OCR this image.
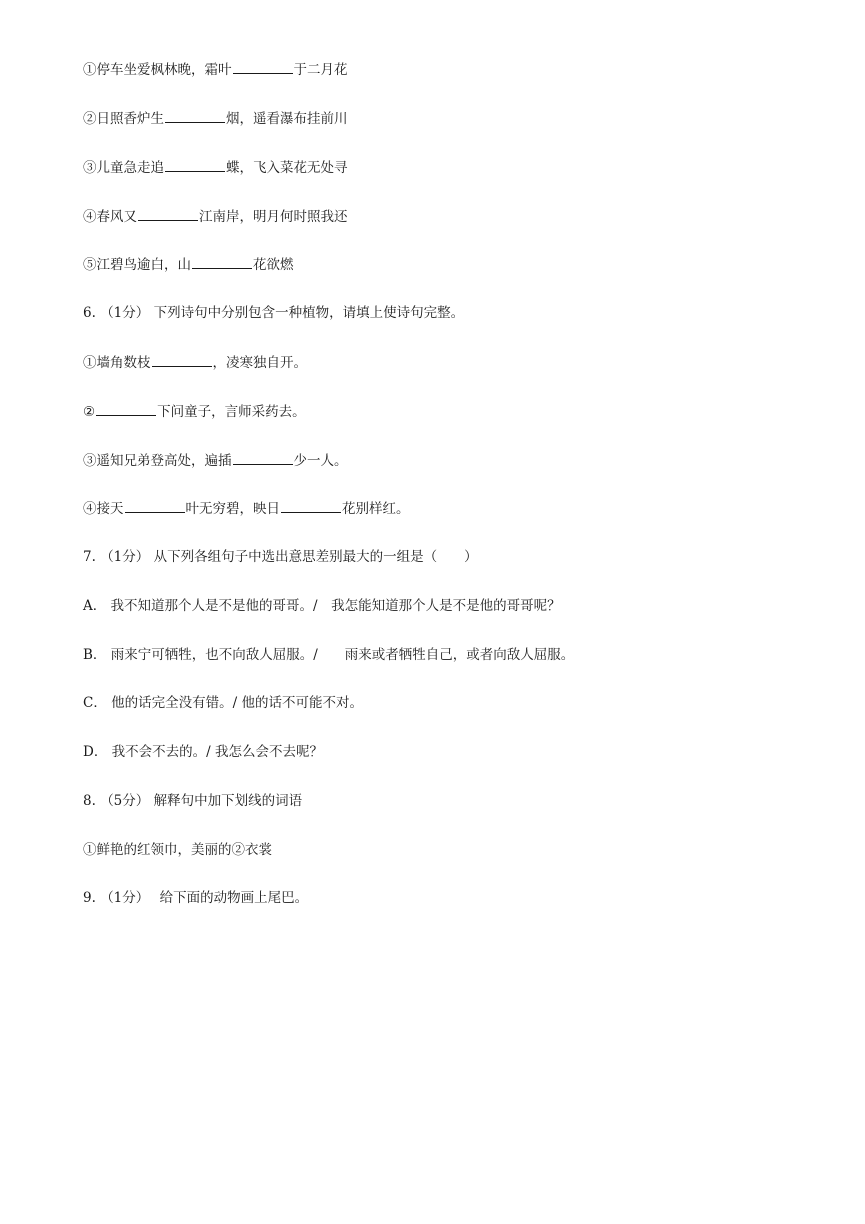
①停车坐爱枫林晚，霜叶	于二月花
②日照香炉生	烟，遥看瀑布挂前川
③儿童急走追	蝶，飞入菜花无处寻
④春风又	江南岸，明月何时照我还
⑤江碧鸟逾白，山	花欲燃
6. （1分） 下列诗句中分别包含一种植物，请填上使诗句完整。
①墙角数枝	，凌寒独自开。
②	下问童子，言师采药去。
③遥知兄弟登高处，遍插	少一人。
④接天	叶无穷碧，映日	花别样红。
7. （1分） 从下列各组句子中选出意思差别最大的一组是（　　）
A． 我不知道那个人是不是他的哥哥。/　我怎能知道那个人是不是他的哥哥呢？
B． 雨来宁可牺牲，也不向敌人屈服。/　　雨来或者牺牲自己，或者向敌人屈服。
C． 他的话完全没有错。/ 他的话不可能不对。
D． 我不会不去的。/ 我怎么会不去呢？
8. （5分） 解释句中加下划线的词语
①鲜艳的红领巾，美丽的②衣裳
9. （1分） 给下面的动物画上尾巴。
